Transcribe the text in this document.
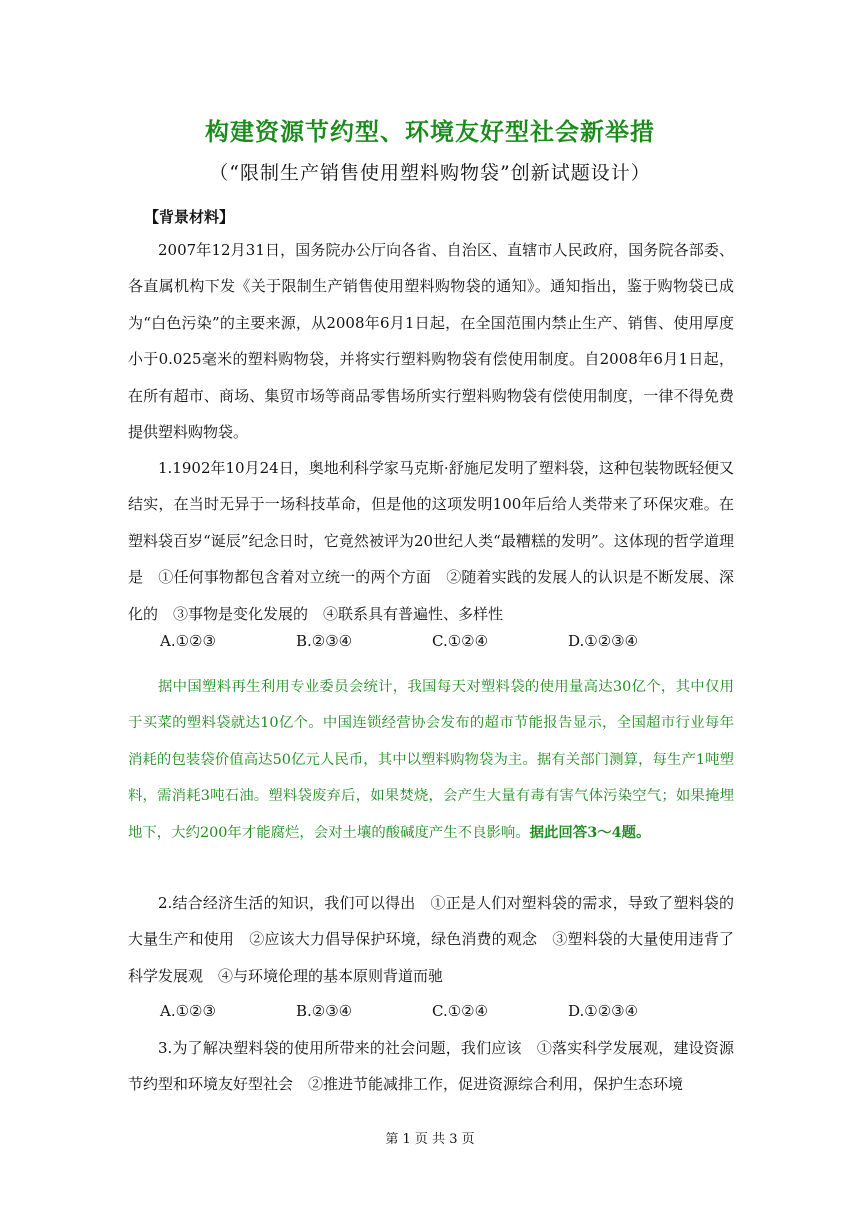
构建资源节约型、环境友好型社会新举措
（“限制生产销售使用塑料购物袋”创新试题设计）
【背景材料】

2007年12月31日，国务院办公厅向各省、自治区、直辖市人民政府，国务院各部委、各直属机构下发《关于限制生产销售使用塑料购物袋的通知》。通知指出，鉴于购物袋已成为“白色污染”的主要来源，从2008年6月1日起，在全国范围内禁止生产、销售、使用厚度小于0.025毫米的塑料购物袋，并将实行塑料购物袋有偿使用制度。自2008年6月1日起，在所有超市、商场、集贸市场等商品零售场所实行塑料购物袋有偿使用制度，一律不得免费提供塑料购物袋。

1.1902年10月24日，奥地利科学家马克斯·舒施尼发明了塑料袋，这种包装物既轻便又结实，在当时无异于一场科技革命，但是他的这项发明100年后给人类带来了环保灾难。在塑料袋百岁“诞辰”纪念日时，它竟然被评为20世纪人类“最糟糕的发明”。这体现的哲学道理是　①任何事物都包含着对立统一的两个方面　②随着实践的发展人的认识是不断发展、深化的　③事物是变化发展的　④联系具有普遍性、多样性

A.①②③	B.②③④	C.①②④	D.①②③④

据中国塑料再生利用专业委员会统计，我国每天对塑料袋的使用量高达30亿个，其中仅用于买菜的塑料袋就达10亿个。中国连锁经营协会发布的超市节能报告显示，全国超市行业每年消耗的包装袋价值高达50亿元人民币，其中以塑料购物袋为主。据有关部门测算，每生产1吨塑料，需消耗3吨石油。塑料袋废弃后，如果焚烧，会产生大量有毒有害气体污染空气；如果掩埋地下，大约200年才能腐烂，会对土壤的酸碱度产生不良影响。据此回答3～4题。

2.结合经济生活的知识，我们可以得出　①正是人们对塑料袋的需求，导致了塑料袋的大量生产和使用　②应该大力倡导保护环境，绿色消费的观念　③塑料袋的大量使用违背了科学发展观　④与环境伦理的基本原则背道而驰

A.①②③	B.②③④	C.①②④	D.①②③④

3.为了解决塑料袋的使用所带来的社会问题，我们应该　①落实科学发展观，建设资源节约型和环境友好型社会　②推进节能减排工作，促进资源综合利用，保护生态环境

第 1 页 共 3 页
